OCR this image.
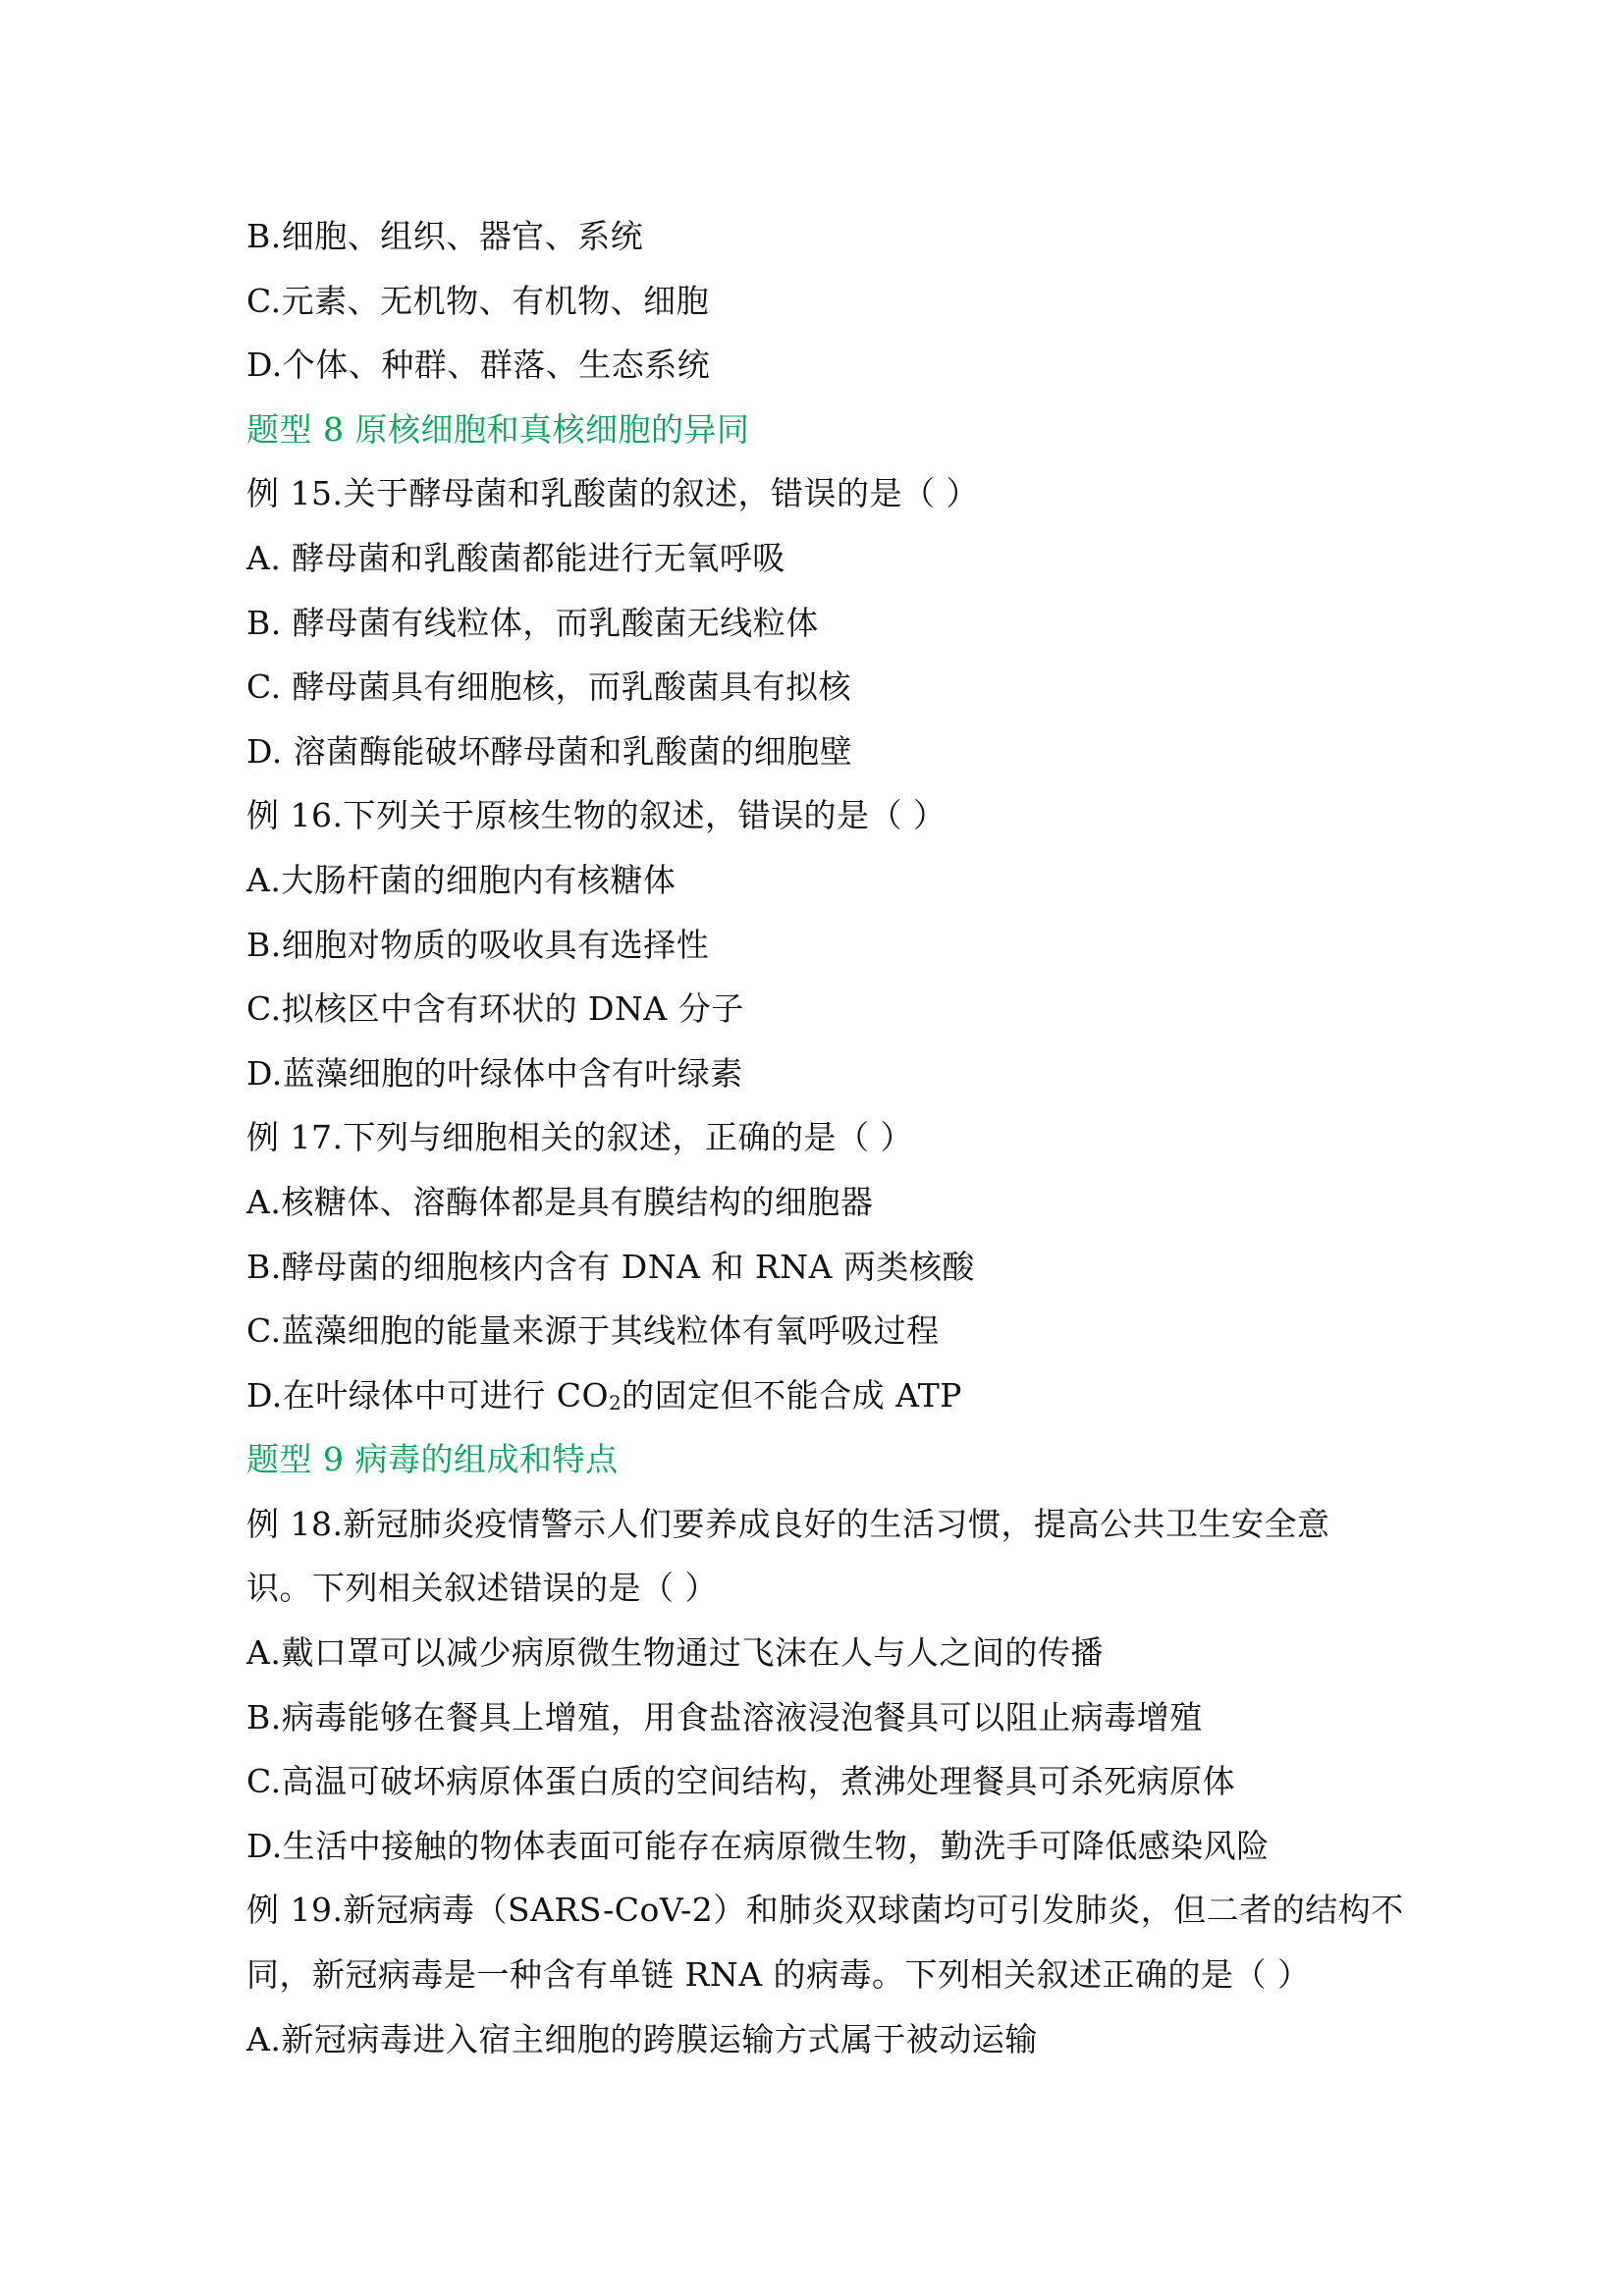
B.细胞、组织、器官、系统
C.元素、无机物、有机物、细胞
D.个体、种群、群落、生态系统
题型 8 原核细胞和真核细胞的异同
例 15.关于酵母菌和乳酸菌的叙述，错误的是（ ）
A. 酵母菌和乳酸菌都能进行无氧呼吸
B. 酵母菌有线粒体，而乳酸菌无线粒体
C. 酵母菌具有细胞核，而乳酸菌具有拟核
D. 溶菌酶能破坏酵母菌和乳酸菌的细胞壁
例 16.下列关于原核生物的叙述，错误的是（ ）
A.大肠杆菌的细胞内有核糖体
B.细胞对物质的吸收具有选择性
C.拟核区中含有环状的 DNA 分子
D.蓝藻细胞的叶绿体中含有叶绿素
例 17.下列与细胞相关的叙述，正确的是（ ）
A.核糖体、溶酶体都是具有膜结构的细胞器
B.酵母菌的细胞核内含有 DNA 和 RNA 两类核酸
C.蓝藻细胞的能量来源于其线粒体有氧呼吸过程
D.在叶绿体中可进行 $CO_2$的固定但不能合成 ATP
题型 9 病毒的组成和特点
例 18.新冠肺炎疫情警示人们要养成良好的生活习惯，提高公共卫生安全意
识。下列相关叙述错误的是（ ）
A.戴口罩可以减少病原微生物通过飞沫在人与人之间的传播
B.病毒能够在餐具上增殖，用食盐溶液浸泡餐具可以阻止病毒增殖
C.高温可破坏病原体蛋白质的空间结构，煮沸处理餐具可杀死病原体
D.生活中接触的物体表面可能存在病原微生物，勤洗手可降低感染风险
例 19.新冠病毒（SARS-CoV-2）和肺炎双球菌均可引发肺炎，但二者的结构不
同，新冠病毒是一种含有单链 RNA 的病毒。下列相关叙述正确的是（ ）
A.新冠病毒进入宿主细胞的跨膜运输方式属于被动运输
